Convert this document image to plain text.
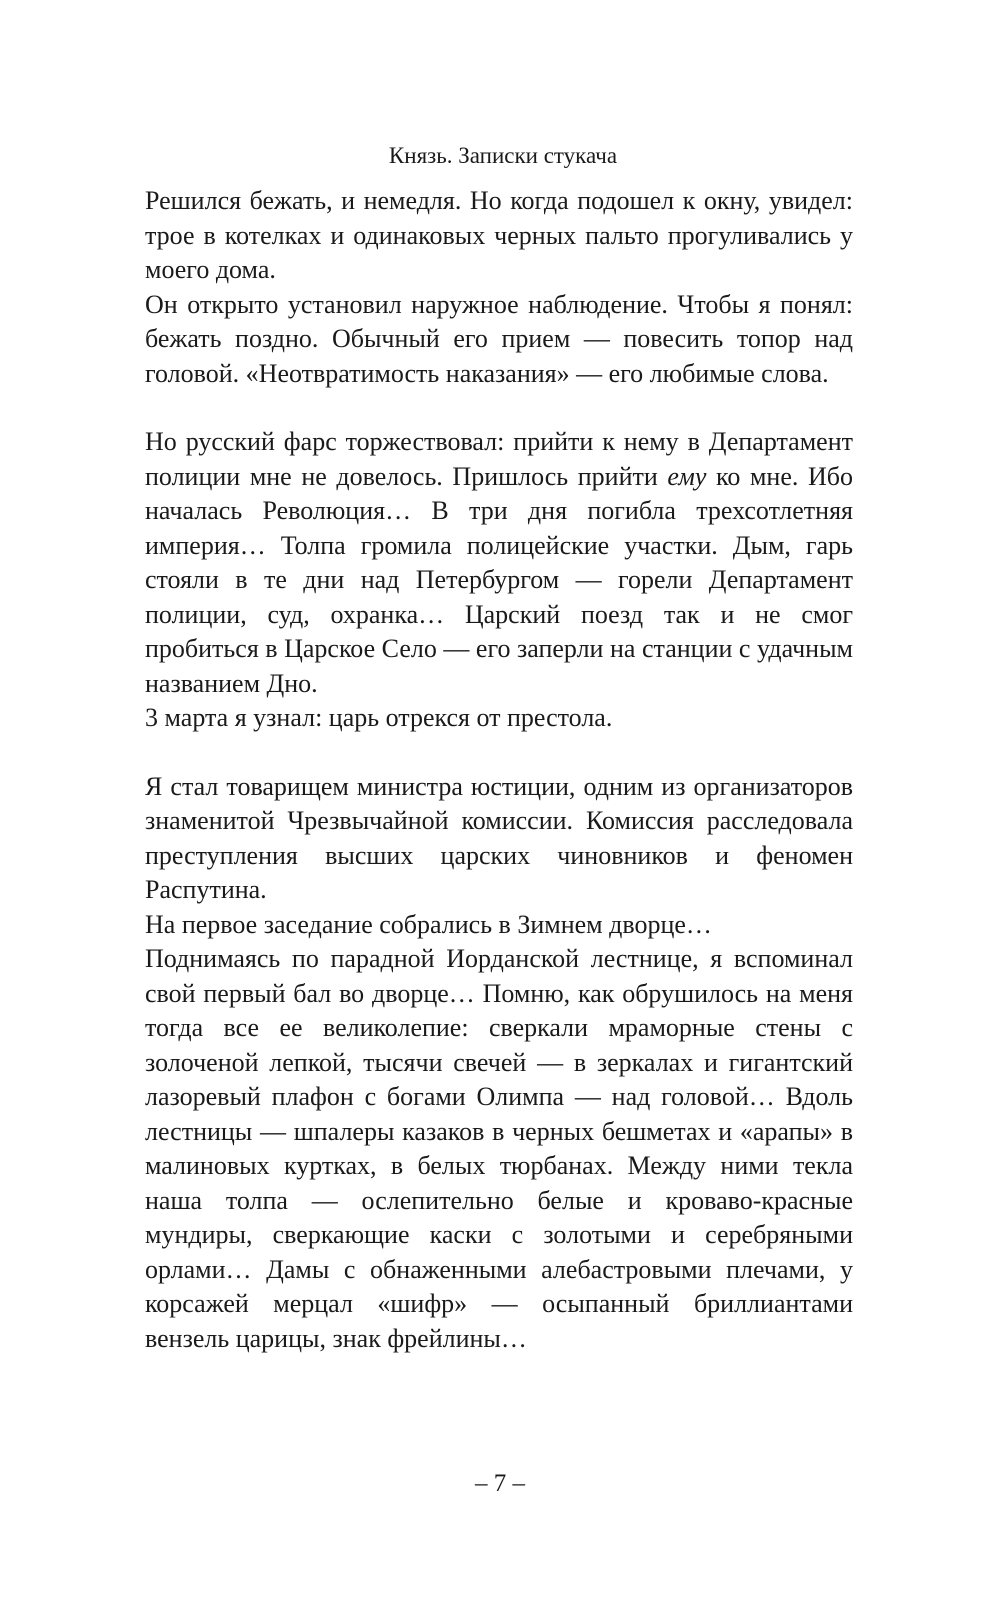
Князь. Записки стукача

Решился бежать, и немедля. Но когда подошел к окну, увидел: трое в котелках и одинаковых черных пальто прогуливались у моего дома.

Он открыто установил наружное наблюдение. Чтобы я понял: бежать поздно. Обычный его прием — повесить топор над головой. «Неотвратимость наказания» — его любимые слова.

Но русский фарс торжествовал: прийти к нему в Департамент полиции мне не довелось. Пришлось прийти ему ко мне. Ибо началась Революция… В три дня погибла трехсотлетняя империя… Толпа громила полицейские участки. Дым, гарь стояли в те дни над Петербургом — горели Департамент полиции, суд, охранка… Царский поезд так и не смог пробиться в Царское Село — его заперли на станции с удачным названием Дно.

3 марта я узнал: царь отрекся от престола.

Я стал товарищем министра юстиции, одним из организаторов знаменитой Чрезвычайной комиссии. Комиссия расследовала преступления высших царских чиновников и феномен Распутина.

На первое заседание собрались в Зимнем дворце…

Поднимаясь по парадной Иорданской лестнице, я вспоминал свой первый бал во дворце… Помню, как обрушилось на меня тогда все ее великолепие: сверкали мраморные стены с золоченой лепкой, тысячи свечей — в зеркалах и гигантский лазоревый плафон с богами Олимпа — над головой… Вдоль лестницы — шпалеры казаков в черных бешметах и «арапы» в малиновых куртках, в белых тюрбанах. Между ними текла наша толпа — ослепительно белые и кроваво-красные мундиры, сверкающие каски с золотыми и серебряными орлами… Дамы с обнаженными алебастровыми плечами, у корсажей мерцал «шифр» — осыпанный бриллиантами вензель царицы, знак фрейлины…

– 7 –
